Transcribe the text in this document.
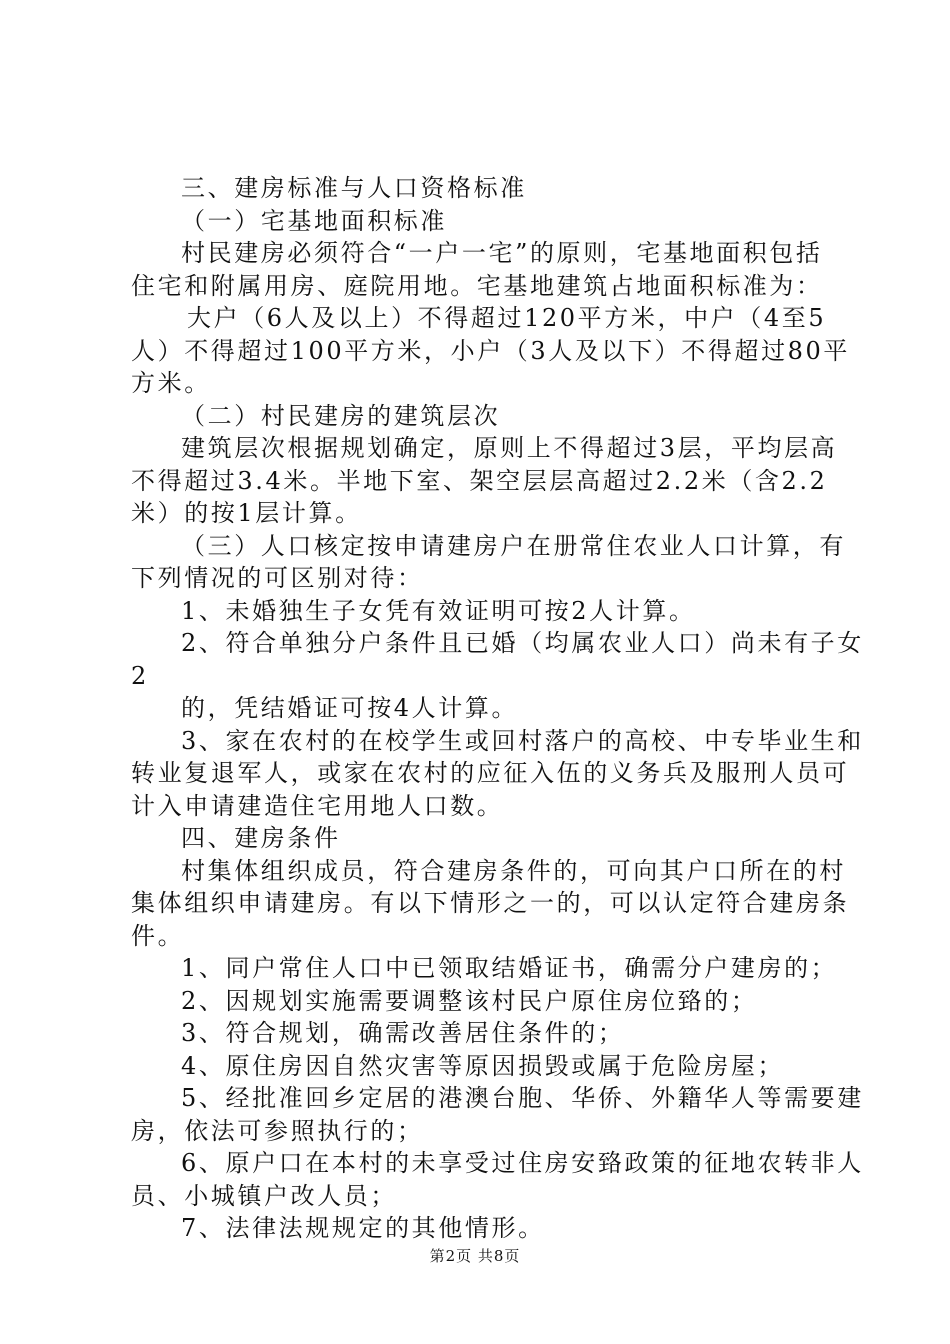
三、建房标准与人口资格标准
（一）宅基地面积标准
村民建房必须符合“一户一宅”的原则，宅基地面积包括
住宅和附属用房、庭院用地。宅基地建筑占地面积标准为：
大户（6人及以上）不得超过120平方米，中户（4至5
人）不得超过100平方米，小户（3人及以下）不得超过80平
方米。
（二）村民建房的建筑层次
建筑层次根据规划确定，原则上不得超过3层，平均层高
不得超过3.4米。半地下室、架空层层高超过2.2米（含2.2
米）的按1层计算。
（三）人口核定按申请建房户在册常住农业人口计算，有
下列情况的可区别对待：
1、未婚独生子女凭有效证明可按2人计算。
2、符合单独分户条件且已婚（均属农业人口）尚未有子女
2
的，凭结婚证可按4人计算。
3、家在农村的在校学生或回村落户的高校、中专毕业生和
转业复退军人，或家在农村的应征入伍的义务兵及服刑人员可
计入申请建造住宅用地人口数。
四、建房条件
村集体组织成员，符合建房条件的，可向其户口所在的村
集体组织申请建房。有以下情形之一的，可以认定符合建房条
件。
1、同户常住人口中已领取结婚证书，确需分户建房的；
2、因规划实施需要调整该村民户原住房位臵的；
3、符合规划，确需改善居住条件的；
4、原住房因自然灾害等原因损毁或属于危险房屋；
5、经批准回乡定居的港澳台胞、华侨、外籍华人等需要建
房，依法可参照执行的；
6、原户口在本村的未享受过住房安臵政策的征地农转非人
员、小城镇户改人员；
7、法律法规规定的其他情形。
第2页 共8页
